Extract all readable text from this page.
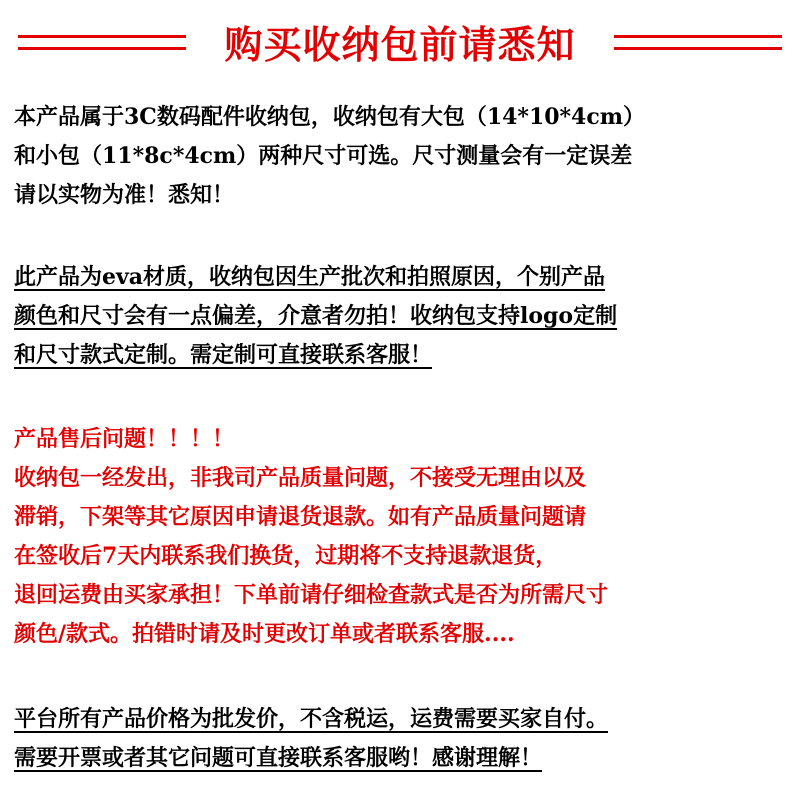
购买收纳包前请悉知
本产品属于3C数码配件收纳包，收纳包有大包（14*10*4cm）
和小包（11*8c*4cm）两种尺寸可选。尺寸测量会有一定误差
请以实物为准！悉知！
此产品为eva材质，收纳包因生产批次和拍照原因，个别产品
颜色和尺寸会有一点偏差，介意者勿拍！收纳包支持logo定制
和尺寸款式定制。需定制可直接联系客服！
产品售后问题！！！！
收纳包一经发出，非我司产品质量问题，不接受无理由以及
滞销，下架等其它原因申请退货退款。如有产品质量问题请
在签收后7天内联系我们换货，过期将不支持退款退货，
退回运费由买家承担！下单前请仔细检查款式是否为所需尺寸
颜色/款式。拍错时请及时更改订单或者联系客服....
平台所有产品价格为批发价，不含税运，运费需要买家自付。
需要开票或者其它问题可直接联系客服哟！感谢理解！
